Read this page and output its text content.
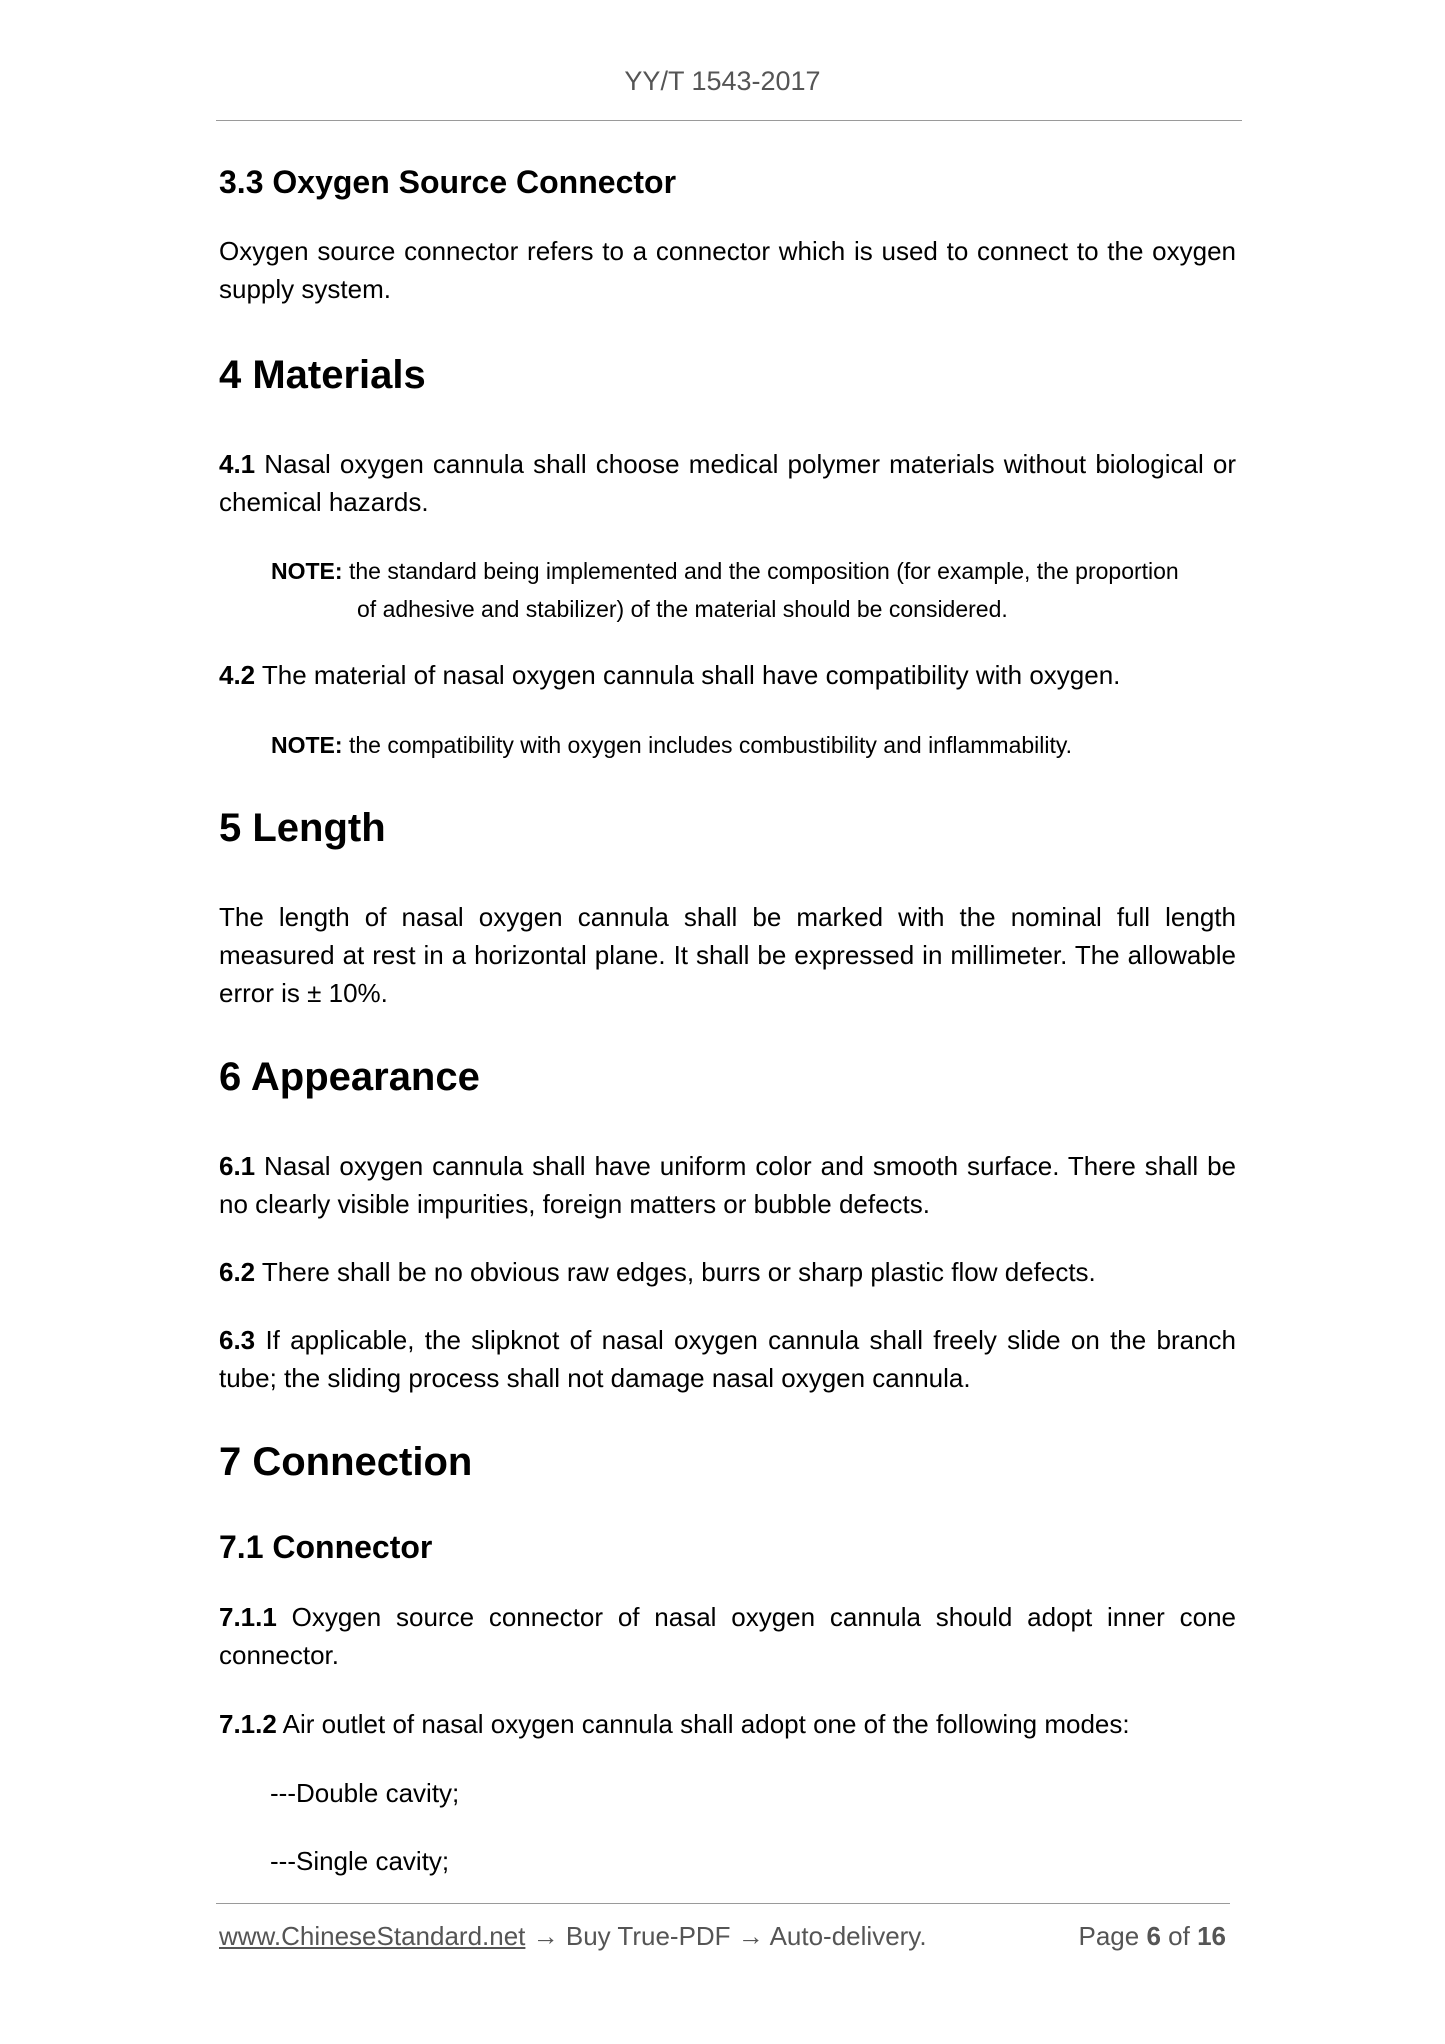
YY/T 1543-2017
3.3 Oxygen Source Connector
Oxygen source connector refers to a connector which is used to connect to the oxygen supply system.
4 Materials
4.1 Nasal oxygen cannula shall choose medical polymer materials without biological or chemical hazards.
NOTE: the standard being implemented and the composition (for example, the proportion
of adhesive and stabilizer) of the material should be considered.
4.2 The material of nasal oxygen cannula shall have compatibility with oxygen.
NOTE: the compatibility with oxygen includes combustibility and inflammability.
5 Length
The length of nasal oxygen cannula shall be marked with the nominal full length measured at rest in a horizontal plane. It shall be expressed in millimeter. The allowable error is ± 10%.
6 Appearance
6.1 Nasal oxygen cannula shall have uniform color and smooth surface. There shall be no clearly visible impurities, foreign matters or bubble defects.
6.2 There shall be no obvious raw edges, burrs or sharp plastic flow defects.
6.3 If applicable, the slipknot of nasal oxygen cannula shall freely slide on the branch tube; the sliding process shall not damage nasal oxygen cannula.
7 Connection
7.1 Connector
7.1.1 Oxygen source connector of nasal oxygen cannula should adopt inner cone connector.
7.1.2 Air outlet of nasal oxygen cannula shall adopt one of the following modes:
---Double cavity;
---Single cavity;
www.ChineseStandard.net → Buy True-PDF → Auto-delivery.	Page 6 of 16
